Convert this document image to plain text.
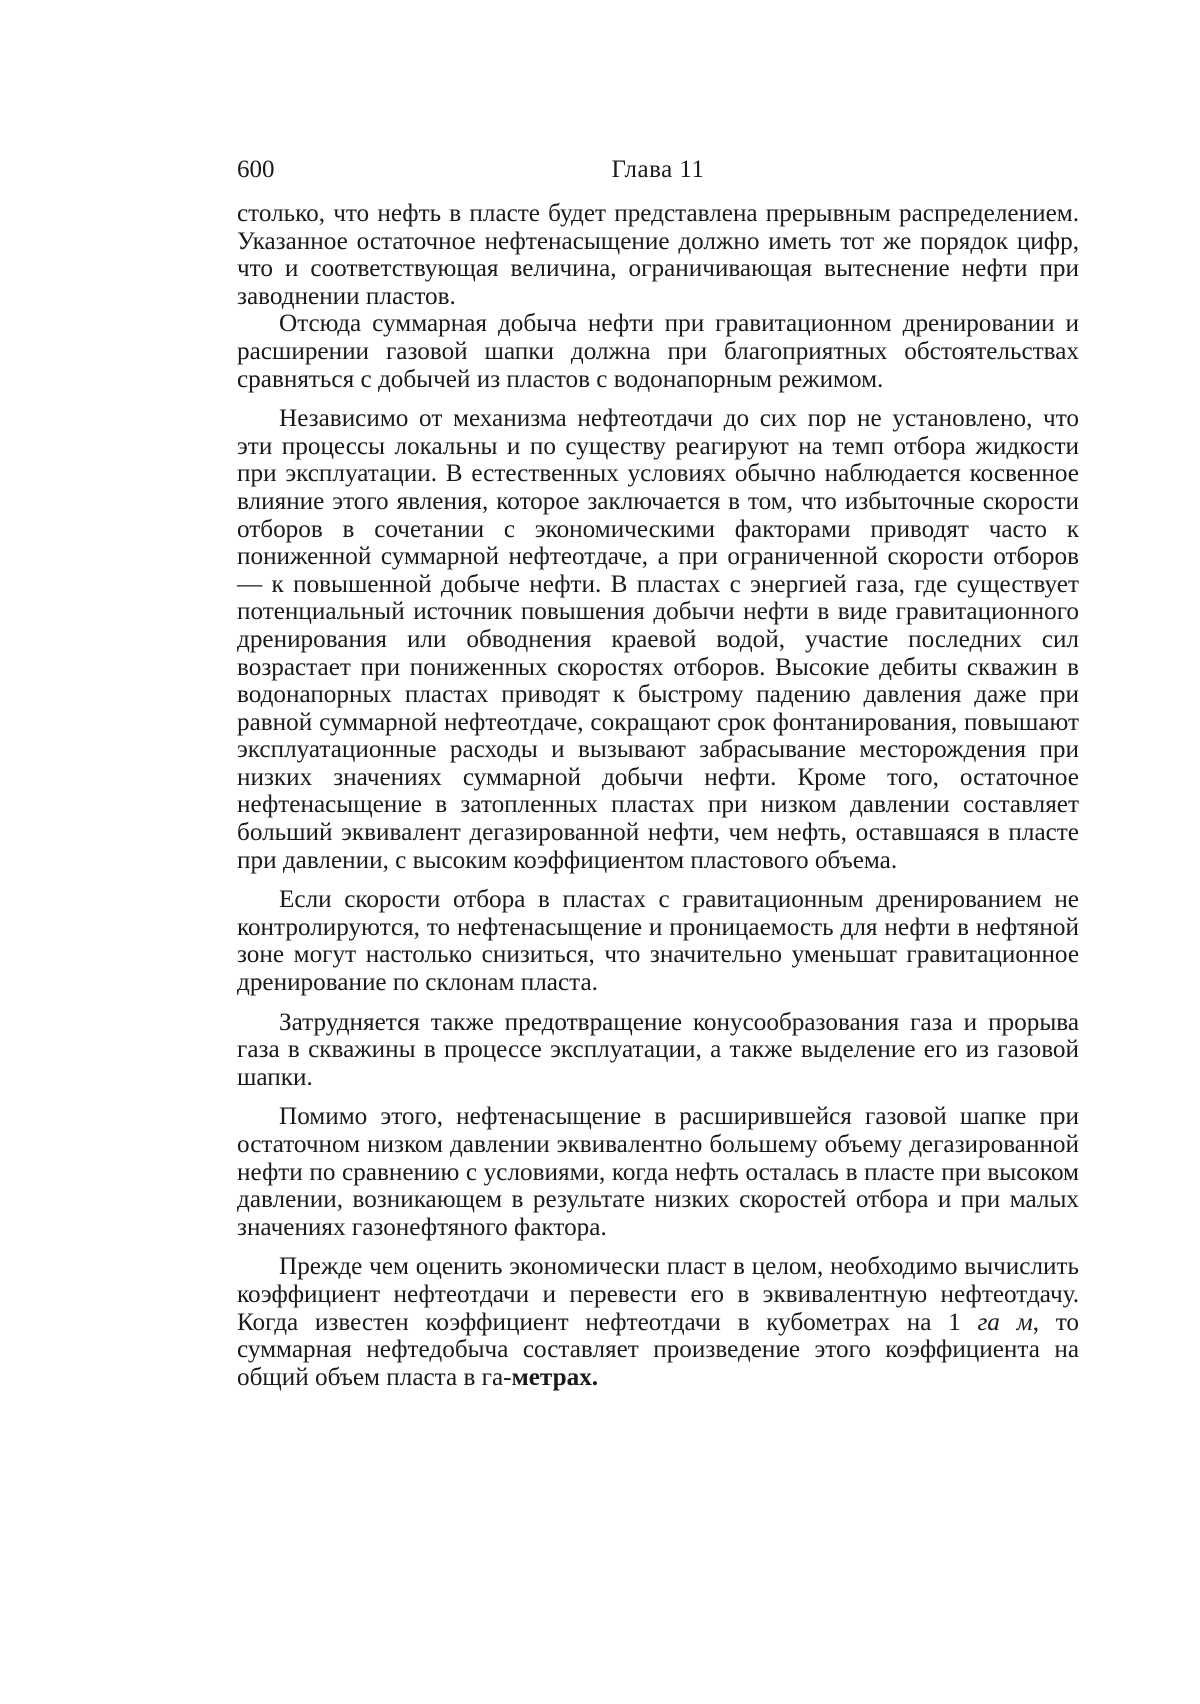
600	Глава 11

столько, что нефть в пласте будет представлена прерывным распределением. Указанное остаточное нефтенасыщение должно иметь тот же порядок цифр, что и соответствующая величина, ограничивающая вытеснение нефти при заводнении пластов.

Отсюда суммарная добыча нефти при гравитационном дренировании и расширении газовой шапки должна при благоприятных обстоятельствах сравняться с добычей из пластов с водонапорным режимом.

Независимо от механизма нефтеотдачи до сих пор не установлено, что эти процессы локальны и по существу реагируют на темп отбора жидкости при эксплуатации. В естественных условиях обычно наблюдается косвенное влияние этого явления, которое заключается в том, что избыточные скорости отборов в сочетании с экономическими факторами приводят часто к пониженной суммарной нефтеотдаче, а при ограниченной скорости отборов — к повышенной добыче нефти. В пластах с энергией газа, где существует потенциальный источник повышения добычи нефти в виде гравитационного дренирования или обводнения краевой водой, участие последних сил возрастает при пониженных скоростях отборов. Высокие дебиты скважин в водонапорных пластах приводят к быстрому падению давления даже при равной суммарной нефтеотдаче, сокращают срок фонтанирования, повышают эксплуатационные расходы и вызывают забрасывание месторождения при низких значениях суммарной добычи нефти. Кроме того, остаточное нефтенасыщение в затопленных пластах при низком давлении составляет больший эквивалент дегазированной нефти, чем нефть, оставшаяся в пласте при давлении, с высоким коэффициентом пластового объема.

Если скорости отбора в пластах с гравитационным дренированием не контролируются, то нефтенасыщение и проницаемость для нефти в нефтяной зоне могут настолько снизиться, что значительно уменьшат гравитационное дренирование по склонам пласта.

Затрудняется также предотвращение конусообразования газа и прорыва газа в скважины в процессе эксплуатации, а также выделение его из газовой шапки.

Помимо этого, нефтенасыщение в расширившейся газовой шапке при остаточном низком давлении эквивалентно большему объему дегазированной нефти по сравнению с условиями, когда нефть осталась в пласте при высоком давлении, возникающем в результате низких скоростей отбора и при малых значениях газонефтяного фактора.

Прежде чем оценить экономически пласт в целом, необходимо вычислить коэффициент нефтеотдачи и перевести его в эквивалентную нефтеотдачу. Когда известен коэффициент нефтеотдачи в кубометрах на 1 га м, то суммарная нефтедобыча составляет произведение этого коэффициента на общий объем пласта в га-метрах.
